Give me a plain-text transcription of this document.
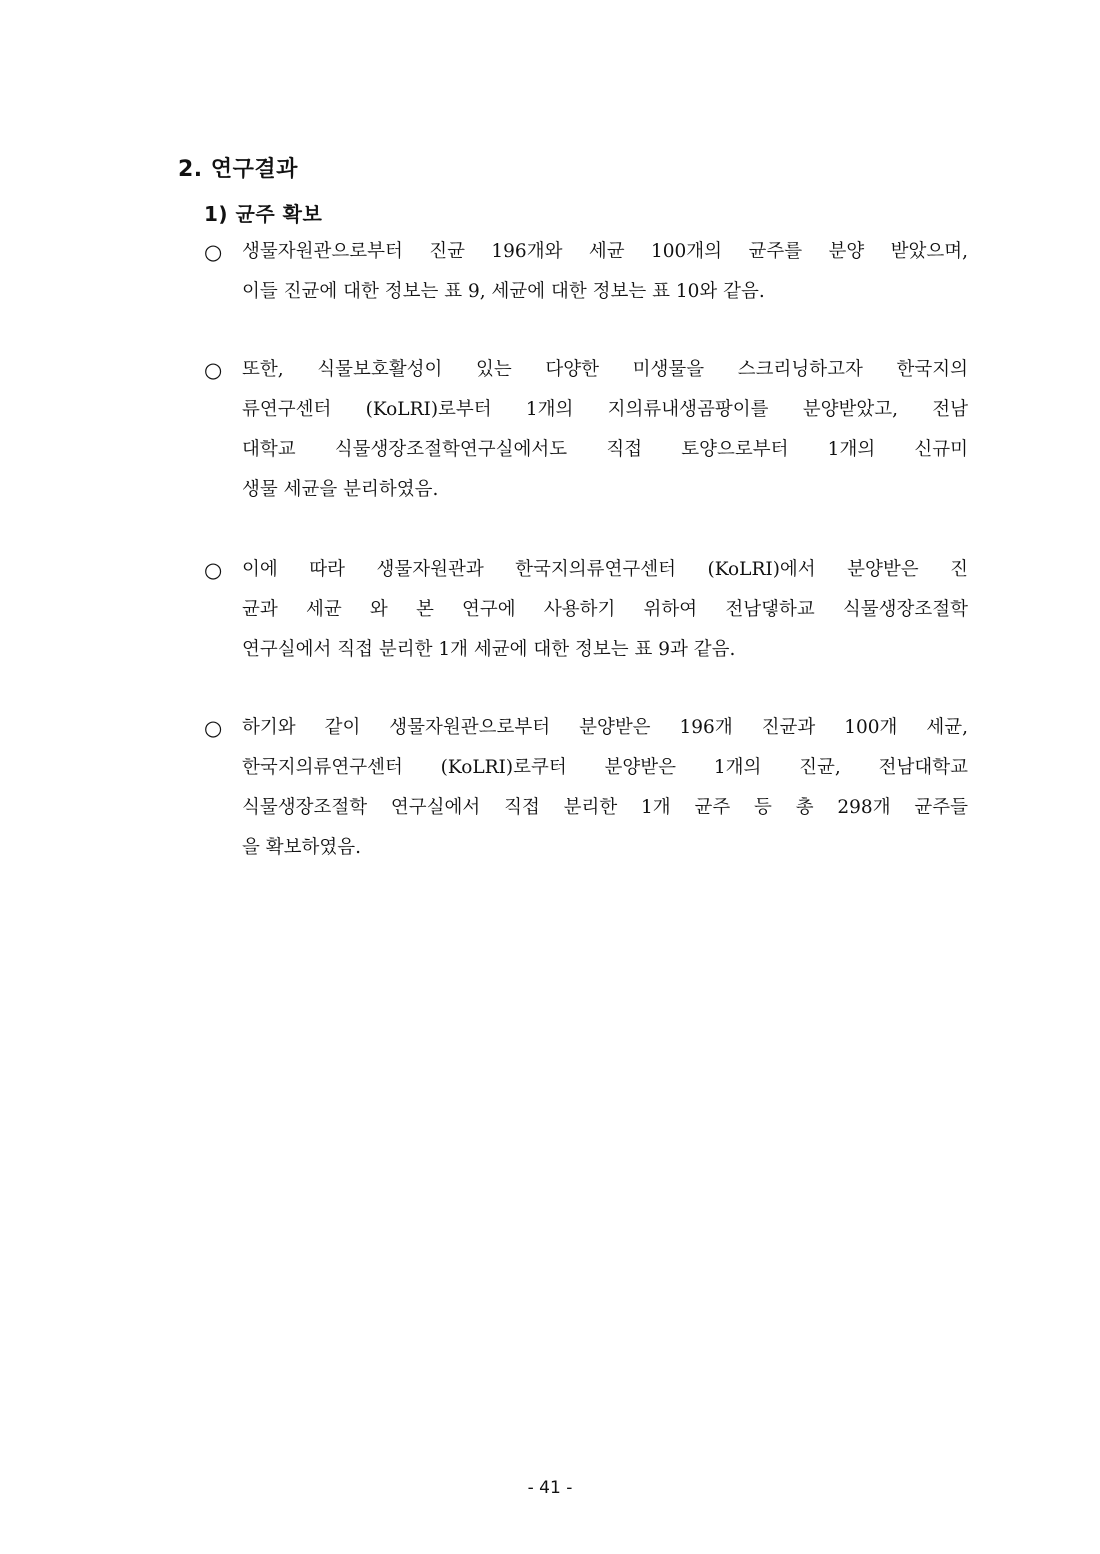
2. 연구결과
1) 균주 확보
○ 생물자원관으로부터 진균 196개와 세균 100개의 균주를 분양 받았으며,
이들 진균에 대한 정보는 표 9, 세균에 대한 정보는 표 10와 같음.
○ 또한, 식물보호활성이 있는 다양한 미생물을 스크리닝하고자 한국지의
류연구센터 (KoLRI)로부터 1개의 지의류내생곰팡이를 분양받았고, 전남
대학교 식물생장조절학연구실에서도 직접 토양으로부터 1개의 신규미
생물 세균을 분리하였음.
○ 이에 따라 생물자원관과 한국지의류연구센터 (KoLRI)에서 분양받은 진
균과 세균 와 본 연구에 사용하기 위하여 전남댛하교 식물생장조절학
연구실에서 직접 분리한 1개 세균에 대한 정보는 표 9과 같음.
○ 하기와 같이 생물자원관으로부터 분양받은 196개 진균과 100개 세균,
한국지의류연구센터 (KoLRI)로쿠터 분양받은 1개의 진균, 전남대학교
식물생장조절학 연구실에서 직접 분리한 1개 균주 등 총 298개 균주들
을 확보하였음.
- 41 -
